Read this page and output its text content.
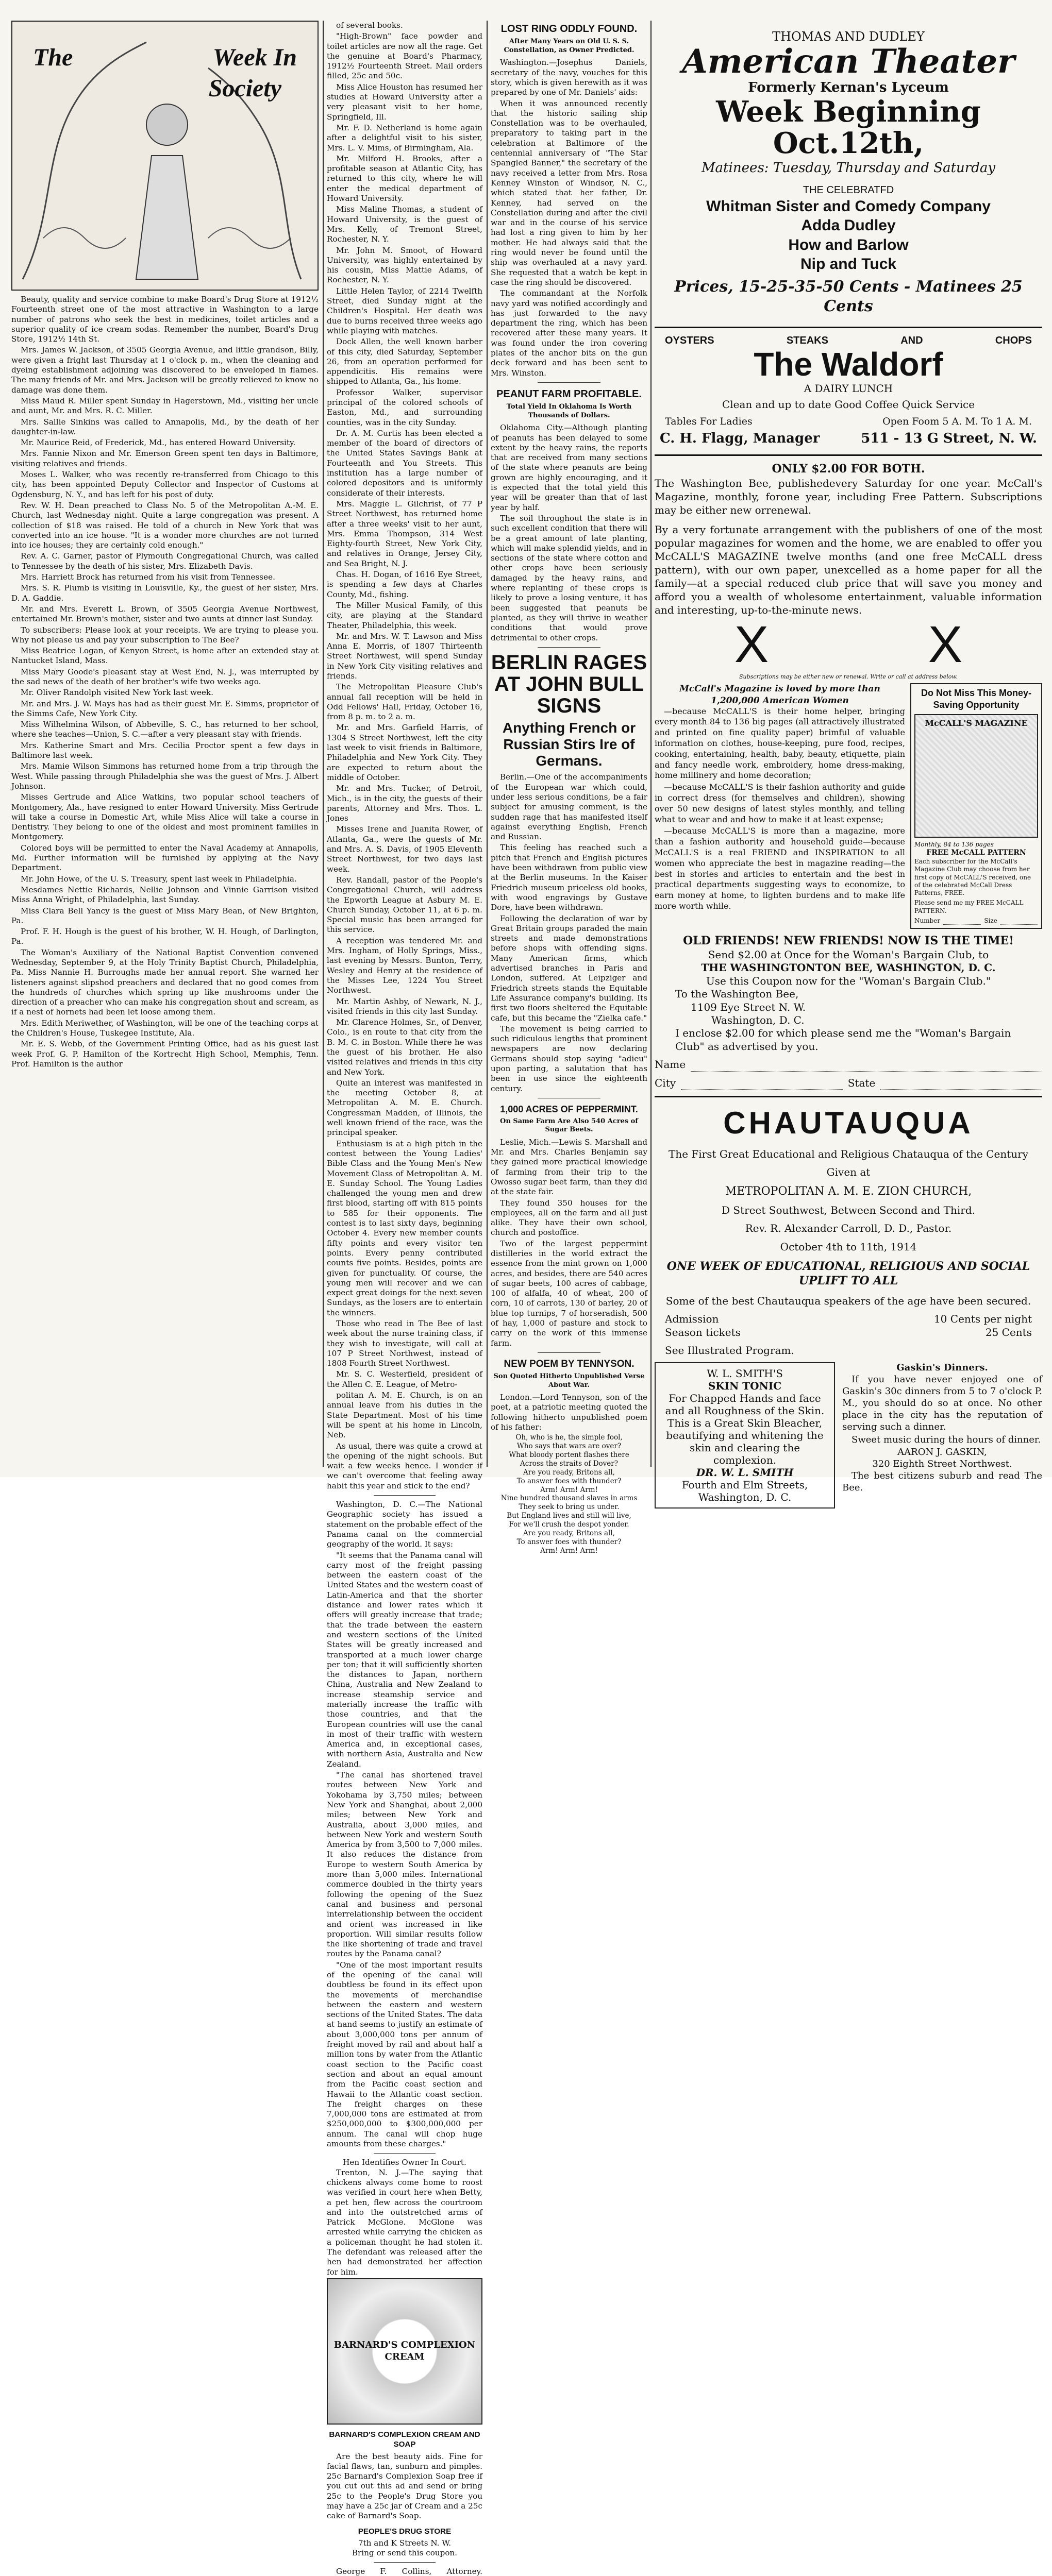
The	Week In
Society

Beauty, quality and service combine to make Board's Drug Store at 1912½ Fourteenth street one of the most attractive in Washington to a large number of patrons who seek the best in medicines, toilet articles and a superior quality of ice cream sodas. Remember the number, Board's Drug Store, 1912½ 14th St.

Mrs. James W. Jackson, of 3505 Georgia Avenue, and little grandson, Billy, were given a fright last Thursday at 1 o'clock p. m., when the cleaning and dyeing establishment adjoining was discovered to be enveloped in flames. The many friends of Mr. and Mrs. Jackson will be greatly relieved to know no damage was done them.

Miss Maud R. Miller spent Sunday in Hagerstown, Md., visiting her uncle and aunt, Mr. and Mrs. R. C. Miller.

Mrs. Sallie Sinkins was called to Annapolis, Md., by the death of her daughter-in-law.

Mr. Maurice Reid, of Frederick, Md., has entered Howard University.

Mrs. Fannie Nixon and Mr. Emerson Green spent ten days in Baltimore, visiting relatives and friends.

Moses L. Walker, who was recently re-transferred from Chicago to this city, has been appointed Deputy Collector and Inspector of Customs at Ogdensburg, N. Y., and has left for his post of duty.

Rev. W. H. Dean preached to Class No. 5 of the Metropolitan A.-M. E. Church, last Wednesday night. Quite a large congregation was present. A collection of $18 was raised. He told of a church in New York that was converted into an ice house. "It is a wonder more churches are not turned into ice houses; they are certainly cold enough."

Rev. A. C. Garner, pastor of Plymouth Congregational Church, was called to Tennessee by the death of his sister, Mrs. Elizabeth Davis.

Mrs. Harriett Brock has returned from his visit from Tennessee.

Mrs. S. R. Plumb is visiting in Louisville, Ky., the guest of her sister, Mrs. D. A. Gaddie.

Mr. and Mrs. Everett L. Brown, of 3505 Georgia Avenue Northwest, entertained Mr. Brown's mother, sister and two aunts at dinner last Sunday.

To subscribers: Please look at your receipts. We are trying to please you. Why not please us and pay your subscription to The Bee?

Miss Beatrice Logan, of Kenyon Street, is home after an extended stay at Nantucket Island, Mass.

Miss Mary Goode's pleasant stay at West End, N. J., was interrupted by the sad news of the death of her brother's wife two weeks ago.

Mr. Oliver Randolph visited New York last week.

Mr. and Mrs. J. W. Mays has had as their guest Mr. E. Simms, proprietor of the Simms Cafe, New York City.

Miss Wilhelmina Wilson, of Abbeville, S. C., has returned to her school, where she teaches—Union, S. C.—after a very pleasant stay with friends.

Mrs. Katherine Smart and Mrs. Cecilia Proctor spent a few days in Baltimore last week.

Mrs. Mamie Wilson Simmons has returned home from a trip through the West. While passing through Philadelphia she was the guest of Mrs. J. Albert Johnson.

Misses Gertrude and Alice Watkins, two popular school teachers of Montgomery, Ala., have resigned to enter Howard University. Miss Gertrude will take a course in Domestic Art, while Miss Alice will take a course in Dentistry. They belong to one of the oldest and most prominent families in Montgomery.

Colored boys will be permitted to enter the Naval Academy at Annapolis, Md. Further information will be furnished by applying at the Navy Department.

Mr. John Howe, of the U. S. Treasury, spent last week in Philadelphia.

Mesdames Nettie Richards, Nellie Johnson and Vinnie Garrison visited Miss Anna Wright, of Philadelphia, last Sunday.

Miss Clara Bell Yancy is the guest of Miss Mary Bean, of New Brighton, Pa.

Prof. F. H. Hough is the guest of his brother, W. H. Hough, of Darlington, Pa.

The Woman's Auxiliary of the National Baptist Convention convened Wednesday, September 9, at the Holy Trinity Baptist Church, Philadelphia, Pa. Miss Nannie H. Burroughs made her annual report. She warned her listeners against slipshod preachers and declared that no good comes from the hundreds of churches which spring up like mushrooms under the direction of a preacher who can make his congregation shout and scream, as if a nest of hornets had been let loose among them.

Mrs. Edith Meriwether, of Washington, will be one of the teaching corps at the Children's House, Tuskegee Institute, Ala.

Mr. E. S. Webb, of the Government Printing Office, had as his guest last week Prof. G. P. Hamilton of the Kortrecht High School, Memphis, Tenn. Prof. Hamilton is the author

of several books.

"High-Brown" face powder and toilet articles are now all the rage. Get the genuine at Board's Pharmacy, 1912½ Fourteenth Street. Mail orders filled, 25c and 50c.

Miss Alice Houston has resumed her studies at Howard University after a very pleasant visit to her home, Springfield, Ill.

Mr. F. D. Netherland is home again after a delightful visit to his sister, Mrs. L. V. Mims, of Birmingham, Ala.

Mr. Milford H. Brooks, after a profitable season at Atlantic City, has returned to this city, where he will enter the medical department of Howard University.

Miss Maline Thomas, a student of Howard University, is the guest of Mrs. Kelly, of Tremont Street, Rochester, N. Y.

Mr. John M. Smoot, of Howard University, was highly entertained by his cousin, Miss Mattie Adams, of Rochester, N. Y.

Little Helen Taylor, of 2214 Twelfth Street, died Sunday night at the Children's Hospital. Her death was due to burns received three weeks ago while playing with matches.

Dock Allen, the well known barber of this city, died Saturday, September 26, from an operation performed for appendicitis. His remains were shipped to Atlanta, Ga., his home.

Professor Walker, supervisor principal of the colored schools of Easton, Md., and surrounding counties, was in the city Sunday.

Dr. A. M. Curtis has been elected a member of the board of directors of the United States Savings Bank at Fourteenth and You Streets. This institution has a large number of colored depositors and is uniformly considerate of their interests.

Mrs. Maggie L. Gilchrist, of 77 P Street Northwest, has returned home after a three weeks' visit to her aunt, Mrs. Emma Thompson, 314 West Eighty-fourth Street, New York City, and relatives in Orange, Jersey City, and Sea Bright, N. J.

Chas. H. Dogan, of 1616 Eye Street, is spending a few days at Charles County, Md., fishing.

The Miller Musical Family, of this city, are playing at the Standard Theater, Philadelphia, this week.

Mr. and Mrs. W. T. Lawson and Miss Anna E. Morris, of 1807 Thirteenth Street Northwest, will spend Sunday in New York City visiting relatives and friends.

The Metropolitan Pleasure Club's annual fall reception will be held in Odd Fellows' Hall, Friday, October 16, from 8 p. m. to 2 a. m.

Mr. and Mrs. Garfield Harris, of 1304 S Street Northwest, left the city last week to visit friends in Baltimore, Philadelphia and New York City. They are expected to return about the middle of October.

Mr. and Mrs. Tucker, of Detroit, Mich., is in the city, the guests of their parents, Attorney and Mrs. Thos. L. Jones

Misses Irene and Juanita Rower, of Atlanta, Ga., were the guests of Mr. and Mrs. A. S. Davis, of 1905 Eleventh Street Northwest, for two days last week.

Rev. Randall, pastor of the People's Congregational Church, will address the Epworth League at Asbury M. E. Church Sunday, October 11, at 6 p. m. Special music has been arranged for this service.

A reception was tendered Mr. and Mrs. Ingham, of Holly Springs, Miss., last evening by Messrs. Bunton, Terry, Wesley and Henry at the residence of the Misses Lee, 1224 You Street Northwest.

Mr. Martin Ashby, of Newark, N. J., visited friends in this city last Sunday.

Mr. Clarence Holmes, Sr., of Denver, Colo., is en route to that city from the B. M. C. in Boston. While there he was the guest of his brother. He also visited relatives and friends in this city and New York.

Quite an interest was manifested in the meeting October 8, at Metropolitan A. M. E. Church. Congressman Madden, of Illinois, the well known friend of the race, was the principal speaker.

Enthusiasm is at a high pitch in the contest between the Young Ladies' Bible Class and the Young Men's New Movement Class of Metropolitan A. M. E. Sunday School. The Young Ladies challenged the young men and drew first blood, starting off with 815 points to 585 for their opponents. The contest is to last sixty days, beginning October 4. Every new member counts fifty points and every visitor ten points. Every penny contributed counts five points. Besides, points are given for punctuality. Of course, the young men will recover and we can expect great doings for the next seven Sundays, as the losers are to entertain the winners.

Those who read in The Bee of last week about the nurse training class, if they wish to investigate, will call at 107 P Street Northwest, instead of 1808 Fourth Street Northwest.

Mr. S. C. Westerfield, president of the Allen C. E. League, of Metro-

politan A. M. E. Church, is on an annual leave from his duties in the State Department. Most of his time will be spent at his home in Lincoln, Neb.

As usual, there was quite a crowd at the opening of the night schools. But wait a few weeks hence. I wonder if we can't overcome that feeling away habit this year and stick to the end?

Washington, D. C.—The National Geographic society has issued a statement on the probable effect of the Panama canal on the commercial geography of the world. It says:

"It seems that the Panama canal will carry most of the freight passing between the eastern coast of the United States and the western coast of Latin-America and that the shorter distance and lower rates which it offers will greatly increase that trade; that the trade between the eastern and western sections of the United States will be greatly increased and transported at a much lower charge per ton; that it will sufficiently shorten the distances to Japan, northern China, Australia and New Zealand to increase steamship service and materially increase the traffic with those countries, and that the European countries will use the canal in most of their traffic with western America and, in exceptional cases, with northern Asia, Australia and New Zealand.

"The canal has shortened travel routes between New York and Yokohama by 3,750 miles; between New York and Shanghai, about 2,000 miles; between New York and Australia, about 3,000 miles, and between New York and western South America by from 3,500 to 7,000 miles. It also reduces the distance from Europe to western South America by more than 5,000 miles. International commerce doubled in the thirty years following the opening of the Suez canal and business and personal interrelationship between the occident and orient was increased in like proportion. Will similar results follow the like shortening of trade and travel routes by the Panama canal?

"One of the most important results of the opening of the canal will doubtless be found in its effect upon the movements of merchandise between the eastern and western sections of the United States. The data at hand seems to justify an estimate of about 3,000,000 tons per annum of freight moved by rail and about half a million tons by water from the Atlantic coast section to the Pacific coast section and about an equal amount from the Pacific coast section and Hawaii to the Atlantic coast section. The freight charges on these 7,000,000 tons are estimated at from $250,000,000 to $300,000,000 per annum. The canal will chop huge amounts from these charges."

Hen Identifies Owner In Court.

Trenton, N. J.—The saying that chickens always come home to roost was verified in court here when Betty, a pet hen, flew across the courtroom and into the outstretched arms of Patrick McGlone. McGlone was arrested while carrying the chicken as a policeman thought he had stolen it. The defendant was released after the hen had demonstrated her affection for him.

BARNARD'S COMPLEXION CREAM
BARNARD'S COMPLEXION CREAM AND SOAP

Are the best beauty aids. Fine for facial flaws, tan, sunburn and pimples. 25c Barnard's Complexion Soap free if you cut out this ad and send or bring 25c to the People's Drug Store you may have a 25c jar of Cream and a 25c cake of Barnard's Soap.

PEOPLE'S DRUG STORE
7th and K Streets N. W.
Bring or send this coupon.

George F. Collins, Attorney.

LOST RING ODDLY FOUND.
After Many Years on Old U. S. S. Constellation, as Owner Predicted.

Washington.—Josephus Daniels, secretary of the navy, vouches for this story, which is given herewith as it was prepared by one of Mr. Daniels' aids:

When it was announced recently that the historic sailing ship Constellation was to be overhauled, preparatory to taking part in the celebration at Baltimore of the centennial anniversary of "The Star Spangled Banner," the secretary of the navy received a letter from Mrs. Rosa Kenney Winston of Windsor, N. C., which stated that her father, Dr. Kenney, had served on the Constellation during and after the civil war and in the course of his service had lost a ring given to him by her mother. He had always said that the ring would never be found until the ship was overhauled at a navy yard. She requested that a watch be kept in case the ring should be discovered.

The commandant at the Norfolk navy yard was notified accordingly and has just forwarded to the navy department the ring, which has been recovered after these many years. It was found under the iron covering plates of the anchor bits on the gun deck forward and has been sent to Mrs. Winston.

PEANUT FARM PROFITABLE.
Total Yield In Oklahoma Is Worth Thousands of Dollars.

Oklahoma City.—Although planting of peanuts has been delayed to some extent by the heavy rains, the reports that are received from many sections of the state where peanuts are being grown are highly encouraging, and it is expected that the total yield this year will be greater than that of last year by half.

The soil throughout the state is in such excellent condition that there will be a great amount of late planting, which will make splendid yields, and in sections of the state where cotton and other crops have been seriously damaged by the heavy rains, and where replanting of these crops is likely to prove a losing venture, it has been suggested that peanuts be planted, as they will thrive in weather conditions that would prove detrimental to other crops.

BERLIN RAGES AT JOHN BULL SIGNS
Anything French or Russian Stirs Ire of Germans.

Berlin.—One of the accompaniments of the European war which could, under less serious conditions, be a fair subject for amusing comment, is the sudden rage that has manifested itself against everything English, French and Russian.

This feeling has reached such a pitch that French and English pictures have been withdrawn from public view at the Berlin museums. In the Kaiser Friedrich museum priceless old books, with wood engravings by Gustave Dore, have been withdrawn.

Following the declaration of war by Great Britain groups paraded the main streets and made demonstrations before shops with offending signs. Many American firms, which advertised branches in Paris and London, suffered. At Leipziger and Friedrich streets stands the Equitable Life Assurance company's building. Its first two floors sheltered the Equitable cafe, but this became the "Zielka cafe."

The movement is being carried to such ridiculous lengths that prominent newspapers are now declaring Germans should stop saying "adieu" upon parting, a salutation that has been in use since the eighteenth century.

1,000 ACRES OF PEPPERMINT.
On Same Farm Are Also 540 Acres of Sugar Beets.

Leslie, Mich.—Lewis S. Marshall and Mr. and Mrs. Charles Benjamin say they gained more practical knowledge of farming from their trip to the Owosso sugar beet farm, than they did at the state fair.

They found 350 houses for the employees, all on the farm and all just alike. They have their own school, church and postoffice.

Two of the largest peppermint distilleries in the world extract the essence from the mint grown on 1,000 acres, and besides, there are 540 acres of sugar beets, 100 acres of cabbage, 100 of alfalfa, 40 of wheat, 200 of corn, 10 of carrots, 130 of barley, 20 of blue top turnips, 7 of horseradish, 500 of hay, 1,000 of pasture and stock to carry on the work of this immense farm.

NEW POEM BY TENNYSON.
Son Quoted Hitherto Unpublished Verse About War.

London.—Lord Tennyson, son of the poet, at a patriotic meeting quoted the following hitherto unpublished poem of his father:

Oh, who is he, the simple fool,
Who says that wars are over?
What bloody portent flashes there
Across the straits of Dover?
Are you ready, Britons all,
To answer foes with thunder?
Arm! Arm! Arm!
Nine hundred thousand slaves in arms
They seek to bring us under.
But England lives and still will live,
For we'll crush the despot yonder.
Are you ready, Britons all,
To answer foes with thunder?
Arm! Arm! Arm!
THOMAS AND DUDLEY
American Theater
Formerly Kernan's Lyceum
Week Beginning Oct.12th,
Matinees: Tuesday, Thursday and Saturday
THE CELEBRATFD
Whitman Sister and Comedy Company
Adda Dudley
How and Barlow
Nip and Tuck
Prices, 15-25-35-50 Cents - Matinees 25 Cents
OYSTERS	STEAKS	AND	CHOPS
The Waldorf
A DAIRY LUNCH
Clean and up to date Good Coffee Quick Service
Tables For Ladies	Open Foom 5 A. M. To 1 A. M.
C. H. Flagg, Manager	511 - 13 G Street, N. W.
ONLY $2.00 FOR BOTH.
The Washington Bee, publishedevery Saturday for one year. McCall's Magazine, monthly, forone year, including Free Pattern. Subscriptions may be either new orrenewal.
By a very fortunate arrangement with the publishers of one of the most popular magazines for women and the home, we are enabled to offer you McCALL'S MAGAZINE twelve months (and one free McCALL dress pattern), with our own paper, unexcelled as a home paper for all the family—at a special reduced club price that will save you money and afford you a wealth of wholesome entertainment, valuable information and interesting, up-to-the-minute news.
X	X
Subscriptions may be either new or renewal. Write or call at address below.
McCall's Magazine is loved by more than 1,200,000 American Women

—because McCALL'S is their home helper, bringing every month 84 to 136 big pages (all attractively illustrated and printed on fine quality paper) brimful of valuable information on clothes, house-keeping, pure food, recipes, cooking, entertaining, health, baby, beauty, etiquette, plain and fancy needle work, embroidery, home dress-making, home millinery and home decoration;

—because McCALL'S is their fashion authority and guide in correct dress (for themselves and children), showing over 50 new designs of latest styles monthly, and telling what to wear and and how to make it at least expense;

—because McCALL'S is more than a magazine, more than a fashion authority and household guide—because McCALL'S is a real FRIEND and INSPIRATION to all women who appreciate the best in magazine reading—the best in stories and articles to entertain and the best in practical departments suggesting ways to economize, to earn money at home, to lighten burdens and to make life more worth while.

Do Not Miss This Money-Saving Opportunity
McCALL'S MAGAZINE
Monthly, 84 to 136 pages
FREE McCALL PATTERN
Each subscriber for the McCall's Magazine Club may choose from her first copy of McCALL'S received, one of the celebrated McCall Dress Patterns, FREE.
Please send me my FREE McCALL PATTERN.
Number	Size
OLD FRIENDS! NEW FRIENDS! NOW IS THE TIME!
Send $2.00 at Once for the Woman's Bargain Club, to
THE WASHINGTONTON BEE, WASHINGTON, D. C.
Use this Coupon now for the "Woman's Bargain Club."
To the Washington Bee,
1109 Eye Street N. W.
Washington, D. C.
I enclose $2.00 for which please send me the "Woman's Bargain Club" as advertised by you.
Name
City	State
CHAUTAUQUA
The First Great Educational and Religious Chatauqua of the Century
Given at
METROPOLITAN A. M. E. ZION CHURCH,
D Street Southwest, Between Second and Third.
Rev. R. Alexander Carroll, D. D., Pastor.
October 4th to 11th, 1914
ONE WEEK OF EDUCATIONAL, RELIGIOUS AND SOCIAL UPLIFT TO ALL
Some of the best Chautauqua speakers of the age have been secured.
Admission	10 Cents per night
Season tickets	25 Cents
See Illustrated Program.
W. L. SMITH'S
SKIN TONIC
For Chapped Hands and face and all Roughness of the Skin. This is a Great Skin Bleacher, beautifying and whitening the skin and clearing the complexion.
DR. W. L. SMITH
Fourth and Elm Streets,
Washington, D. C.
Gaskin's Dinners.

If you have never enjoyed one of Gaskin's 30c dinners from 5 to 7 o'clock P. M., you should do so at once. No other place in the city has the reputation of serving such a dinner.

Sweet music during the hours of dinner.

AARON J. GASKIN,
320 Eighth Street Northwest.

The best citizens suburb and read The Bee.
